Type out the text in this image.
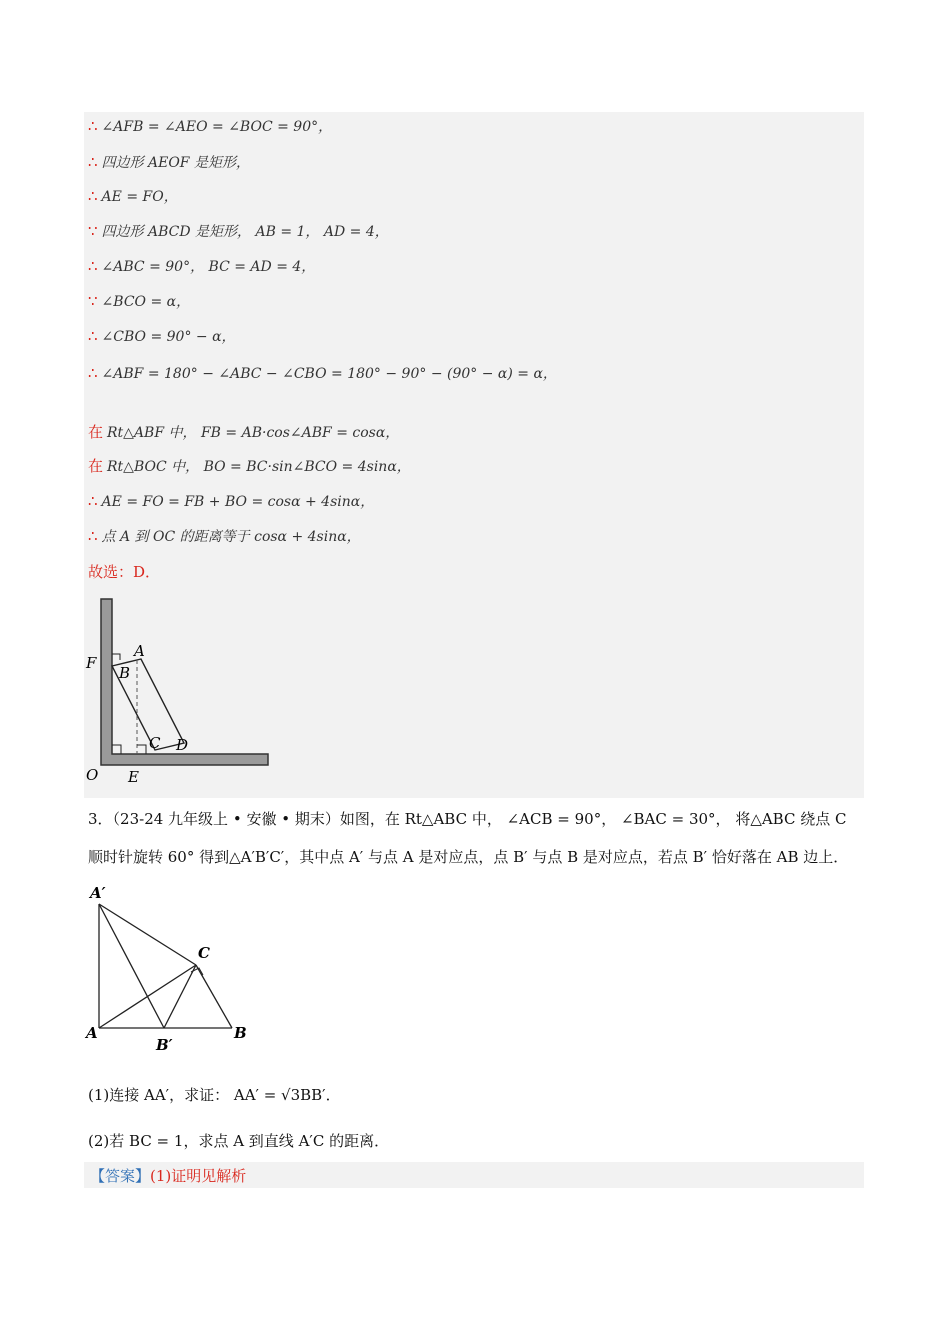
∴ ∠AFB = ∠AEO = ∠BOC = 90°，
∴ 四边形 AEOF 是矩形，
∴ AE = FO，
∵ 四边形 ABCD 是矩形， AB = 1， AD = 4，
∴ ∠ABC = 90°， BC = AD = 4，
∵ ∠BCO = α，
∴ ∠CBO = 90° − α，
∴ ∠ABF = 180° − ∠ABC − ∠CBO = 180° − 90° − (90° − α) = α，
在 Rt△ABF 中， FB = AB·cos∠ABF = cosα，
在 Rt△BOC 中， BO = BC·sin∠BCO = 4sinα，
∴ AE = FO = FB + BO = cosα + 4sinα，
∴ 点 A 到 OC 的距离等于 cosα + 4sinα，
故选：D．
F
A
B
C D
O E
3．（23-24 九年级上 • 安徽 • 期末）如图，在 Rt△ABC 中， ∠ACB = 90°， ∠BAC = 30°， 将△ABC 绕点 C
顺时针旋转 60° 得到△A′B′C′，其中点 A′ 与点 A 是对应点，点 B′ 与点 B 是对应点，若点 B′ 恰好落在 AB 边上．
A′
C
A
B′
B
(1)连接 AA′，求证： AA′ = √3BB′．
(2)若 BC = 1，求点 A 到直线 A′C 的距离．
【答案】(1)证明见解析
